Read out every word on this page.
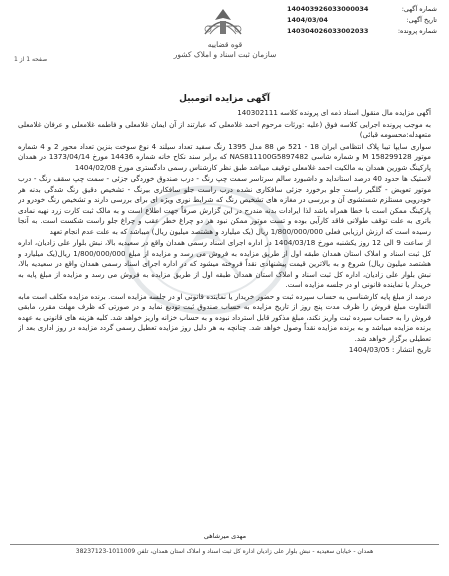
شماره آگهی:
140403926033000034
تاریخ آگهی:
1404/03/04
شماره پرونده:
140304026033002033
قوه قضاییه
سازمان ثبت اسناد و املاک کشور
صفحه 1 از 1
آگهی مزایده اتومبیل

آگهی مزایده مال منقول اسناد ذمه ای پرونده کلاسه 140302111

به موجب پرونده اجرایی کلاسه فوق (علیه :ورثات مرحوم احمد غلامعلی که عبارتند از آن ایمان غلامعلی و فاطمه غلامعلی و عرفان غلامعلی متعهدله:محسومه قبائی)

سواری سایپا تیبا پلاک انتظامی ایران 18 - 521 ص 88 مدل 1395 رنگ سفید تعداد سیلند 4 نوع سوخت بنزین تعداد محور 2 و 4 شماره موتور M 158299128 و شماره شاسی NAS811100G5897482 که برابر سند نکاح خانه شماره 14436 مورخ 1373/04/14 در همدان پارکینگ شورین همدان به مالکیت احمد غلامعلی توقیف میباشد طبق نظر کارشناس رسمی دادگستری مورخ 1404/02/08

لاستیک ها حدود 40 درصد استانداید و داشبورد سالم سرتاسر سمت چپ رنگ - درب صندوق خوردگی جزئی - سمت چپ سقف رنگ - درب موتور تعویض - گلگیر راست جلو برخورد جزئی سافکاری نشده درب راست جلو سافکاری بیرنگ - تشخیص دقیق رنگ شدگی بدنه هر خودرویی مستلزم شستشوی آن و بررسی در مغازه های تشخیص رنگ که شرایط نوری ویژه ای برای بررسی دارند و تشخیص رنگ خودرو در پارکینگ ممکن است با خطا همراه باشد لذا ایرادات بدنه مندرج در این گزارش صرفاً جهت اطلاع است و به مالک ثبت کارت زرد نهیه نمادی باتری به علت توقف طولانی فاقد کارآیی بوده و تست موتور ممکن نبود هر دو چراغ خطر عقب و چراغ جلو راست شکست است. به آنجا رسیده است که ارزش ارزیابی فعلی 1/800/000/000 ریال (یک میلیارد و هشتصد میلیون ریال) میباشد که به علت عدم انجام تعهد

از ساعت 9 الی 12 روز یکشنبه مورخ 1404/03/18 در اداره اجرای اسناد رسمی همدان واقع در سعیدیه بالا، نبش بلوار علی زادیان، اداره کل ثبت اسناد و املاک استان همدان طبقه اول از طریق مزایده به فروش می رسد و مزایده از مبلغ 1/800/000/000 ریال(یک میلیارد و هشتصد میلیون ریال) شروع و به بالاترین قیمت پیشنهادی نقداً فروخته میشود که در اداره اجرای اسناد رسمی همدان واقع در سعیدیه بالا، نبش بلوار علی زادیان، اداره کل ثبت اسناد و املاک استان همدان طبقه اول از طریق مزایده به فروش می رسد و مزایده از مبلغ پایه به خریدار یا نماینده قانونی او در جلسه مزایده است.

درصد از مبلغ پایه کارشناسی به حساب سپرده ثبت و حضور خریدار یا نماینده قانونی او در جلسه مزایده است. برنده مزایده مکلف است مابه التفاوت مبلغ فروش را ظرف مدت پنج روز از تاریخ مزایده به حساب صندوق ثبت تودیع نماید و در صورتی که ظرف مهلت مقرر، مابقی فروش را به حساب سپرده ثبت واریز نکند، مبلغ مذکور قابل استرداد نبوده و به حساب خزانه واریز خواهد شد. کلیه هزینه های قانونی به عهده برنده مزایده میباشد و به برنده مزایده نقداً وصول خواهد شد. چنانچه به هر دلیل روز مزایده تعطیل رسمی گردد مزایده در روز اداری بعد از تعطیلی برگزار خواهد شد.

تاریخ انتشار : 1404/03/05

مهدی میرشاهی
همدان - خیابان سعیدیه - نبش بلوار علی زادیان اداره کل ثبت اسناد و املاک استان همدان، تلفن 1011009-38237123
